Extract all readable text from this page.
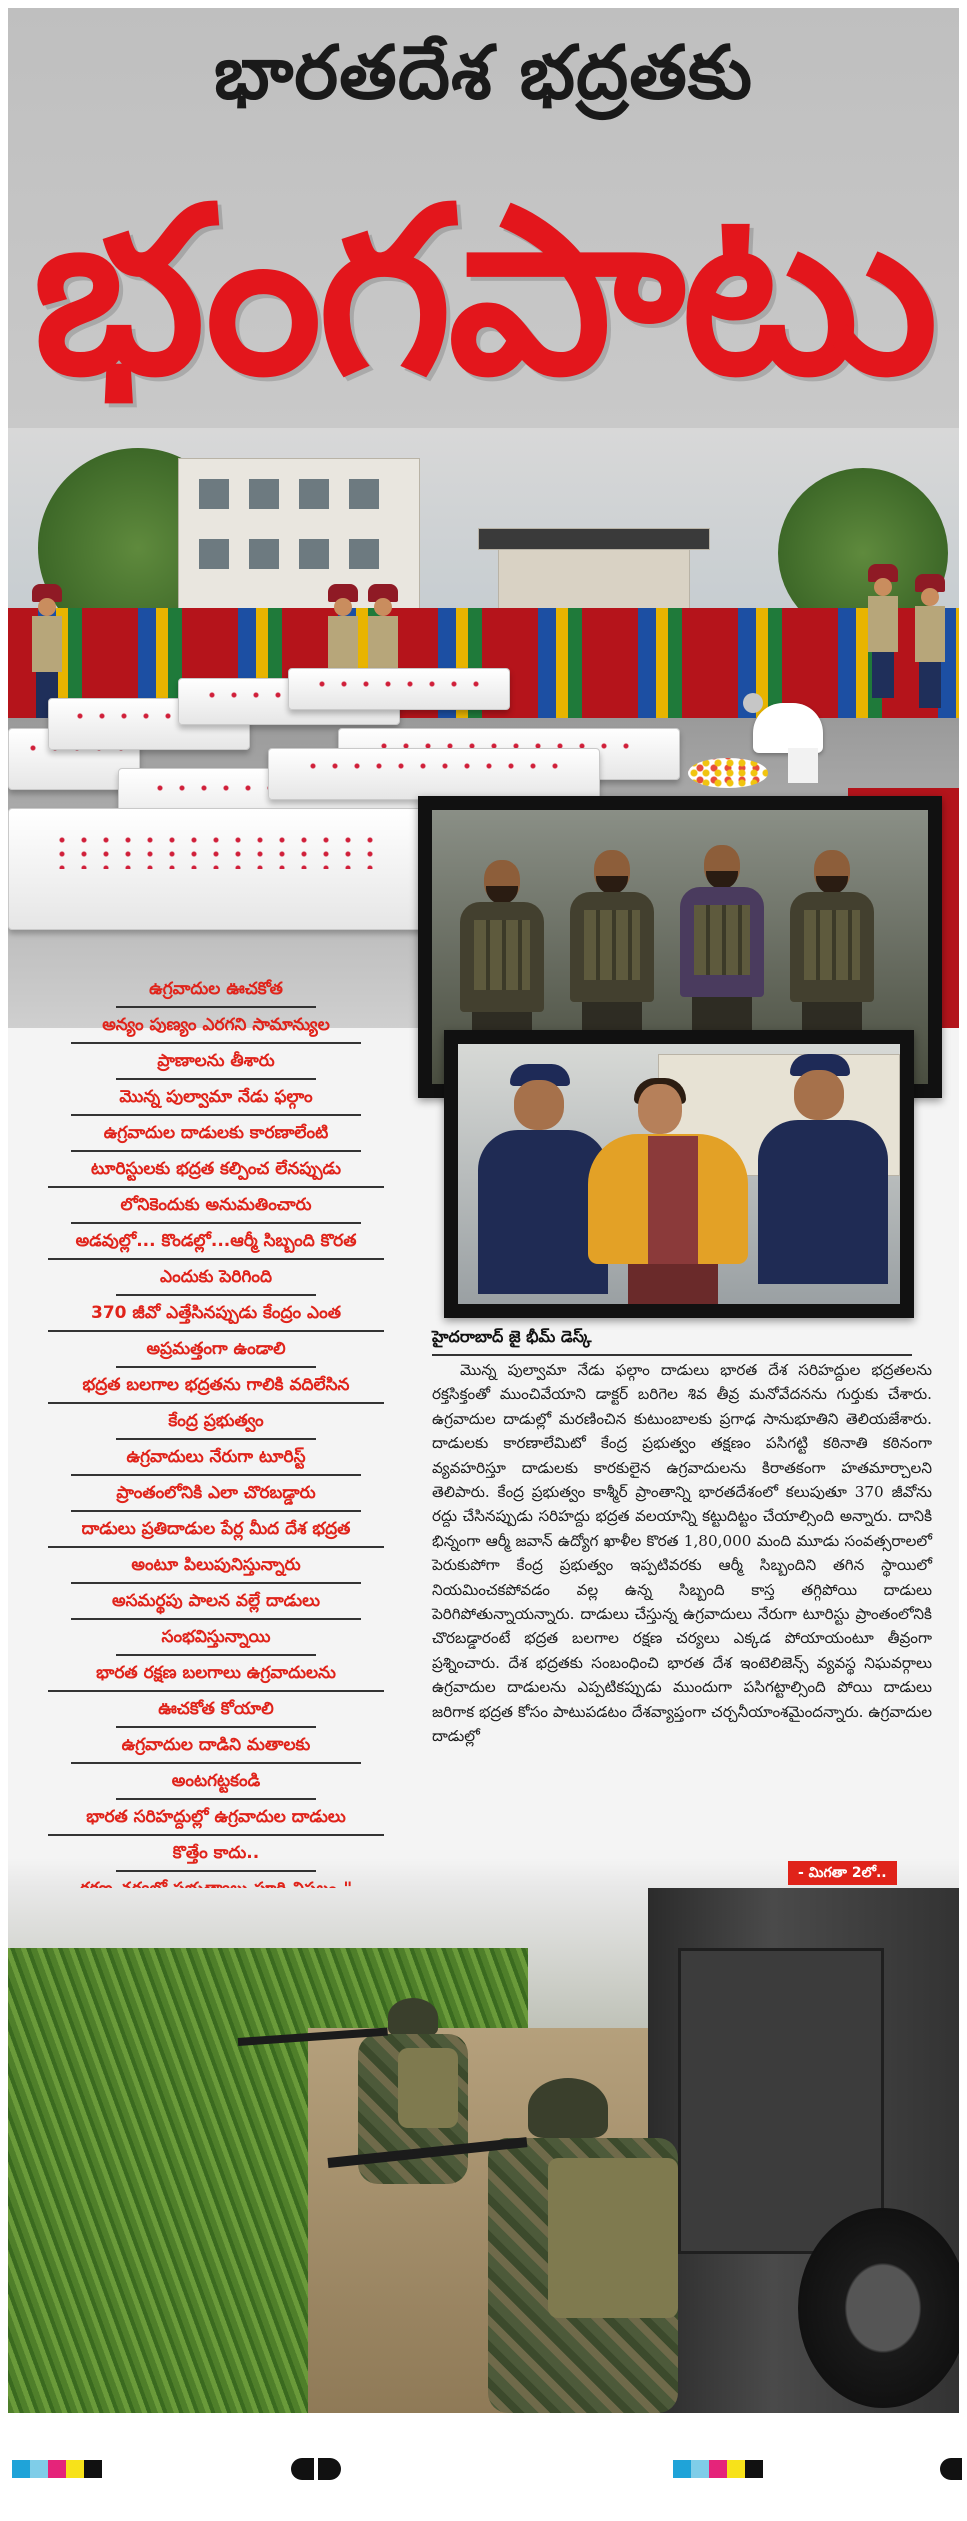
భారతదేశ భద్రతకు
భంగపాటు
ఉగ్రవాదుల ఊచకోత
అన్యం పుణ్యం ఎరగని సామాన్యుల
ప్రాణాలను తీశారు
మొన్న పుల్వామా నేడు ఫల్గాం
ఉగ్రవాదుల దాడులకు కారణాలేంటి
టూరిస్టులకు భద్రత కల్పించ లేనప్పుడు
లోనికెందుకు అనుమతించారు
అడవుల్లో... కొండల్లో...ఆర్మీ సిబ్బంది కొరత
ఎందుకు పెరిగింది
370 జీవో ఎత్తేసినప్పుడు కేంద్రం ఎంత
అప్రమత్తంగా ఉండాలి
భద్రత బలగాల భద్రతను గాలికి వదిలేసిన
కేంద్ర ప్రభుత్వం
ఉగ్రవాదులు నేరుగా టూరిస్ట్
ప్రాంతంలోనికి ఎలా చొరబడ్డారు
దాడులు ప్రతిదాడుల పేర్ల మీద దేశ భద్రత
అంటూ పిలుపునిస్తున్నారు
అసమర్థపు పాలన వల్లే దాడులు
సంభవిస్తున్నాయి
భారత రక్షణ బలగాలు ఉగ్రవాదులను
ఊచకోత కోయాలి
ఉగ్రవాదుల దాడిని మతాలకు
అంటగట్టకండి
భారత సరిహద్దుల్లో ఉగ్రవాదుల దాడులు
కొత్తేం కాదు..
హైదరాబాద్ జై భీమ్ డెస్క్
మొన్న పుల్వామా నేడు ఫల్గాం దాడులు భారత దేశ సరిహద్దుల భద్రతలను రక్తసిక్తంతో ముంచివేయాని డాక్టర్ బరిగెల శివ తీవ్ర మనోవేదనను గుర్తుకు చేశారు. ఉగ్రవాదుల దాడుల్లో మరణించిన కుటుంబాలకు ప్రగాఢ సానుభూతిని తెలియజేశారు. దాడులకు కారణాలేమిటో కేంద్ర ప్రభుత్వం తక్షణం పసిగట్టి కఠినాతి కఠినంగా వ్యవహరిస్తూ దాడులకు కారకులైన ఉగ్రవాదులను కిరాతకంగా హతమార్చాలని తెలిపారు. కేంద్ర ప్రభుత్వం కాశ్మీర్ ప్రాంతాన్ని భారతదేశంలో కలుపుతూ 370 జీవోను రద్దు చేసినప్పుడు సరిహద్దు భద్రత వలయాన్ని కట్టుదిట్టం చేయాల్సింది అన్నారు. దానికి భిన్నంగా ఆర్మీ జవాన్ ఉద్యోగ ఖాళీల కొరత 1,80,000 మంది మూడు సంవత్సరాలలో పెరుకుపోగా కేంద్ర ప్రభుత్వం ఇప్పటివరకు ఆర్మీ సిబ్బందిని తగిన స్థాయిలో నియమించకపోవడం వల్ల ఉన్న సిబ్బంది కాస్త తగ్గిపోయి దాడులు పెరిగిపోతున్నాయన్నారు. దాడులు చేస్తున్న ఉగ్రవాదులు నేరుగా టూరిస్టు ప్రాంతంలోనికి చొరబడ్డారంటే భద్రత బలగాల రక్షణ చర్యలు ఎక్కడ పోయాయంటూ తీవ్రంగా ప్రశ్నించారు. దేశ భద్రతకు సంబంధించి భారత దేశ ఇంటెలిజెన్స్ వ్యవస్థ నిఘవర్గాలు ఉగ్రవాదుల దాడులను ఎప్పటికప్పుడు ముందుగా పసిగట్టాల్సింది పోయి దాడులు జరిగాక భద్రత కోసం పాటుపడటం దేశవ్యాప్తంగా చర్చనీయాంశమైందన్నారు. ఉగ్రవాదుల దాడుల్లో
- మిగతా 2లో..
